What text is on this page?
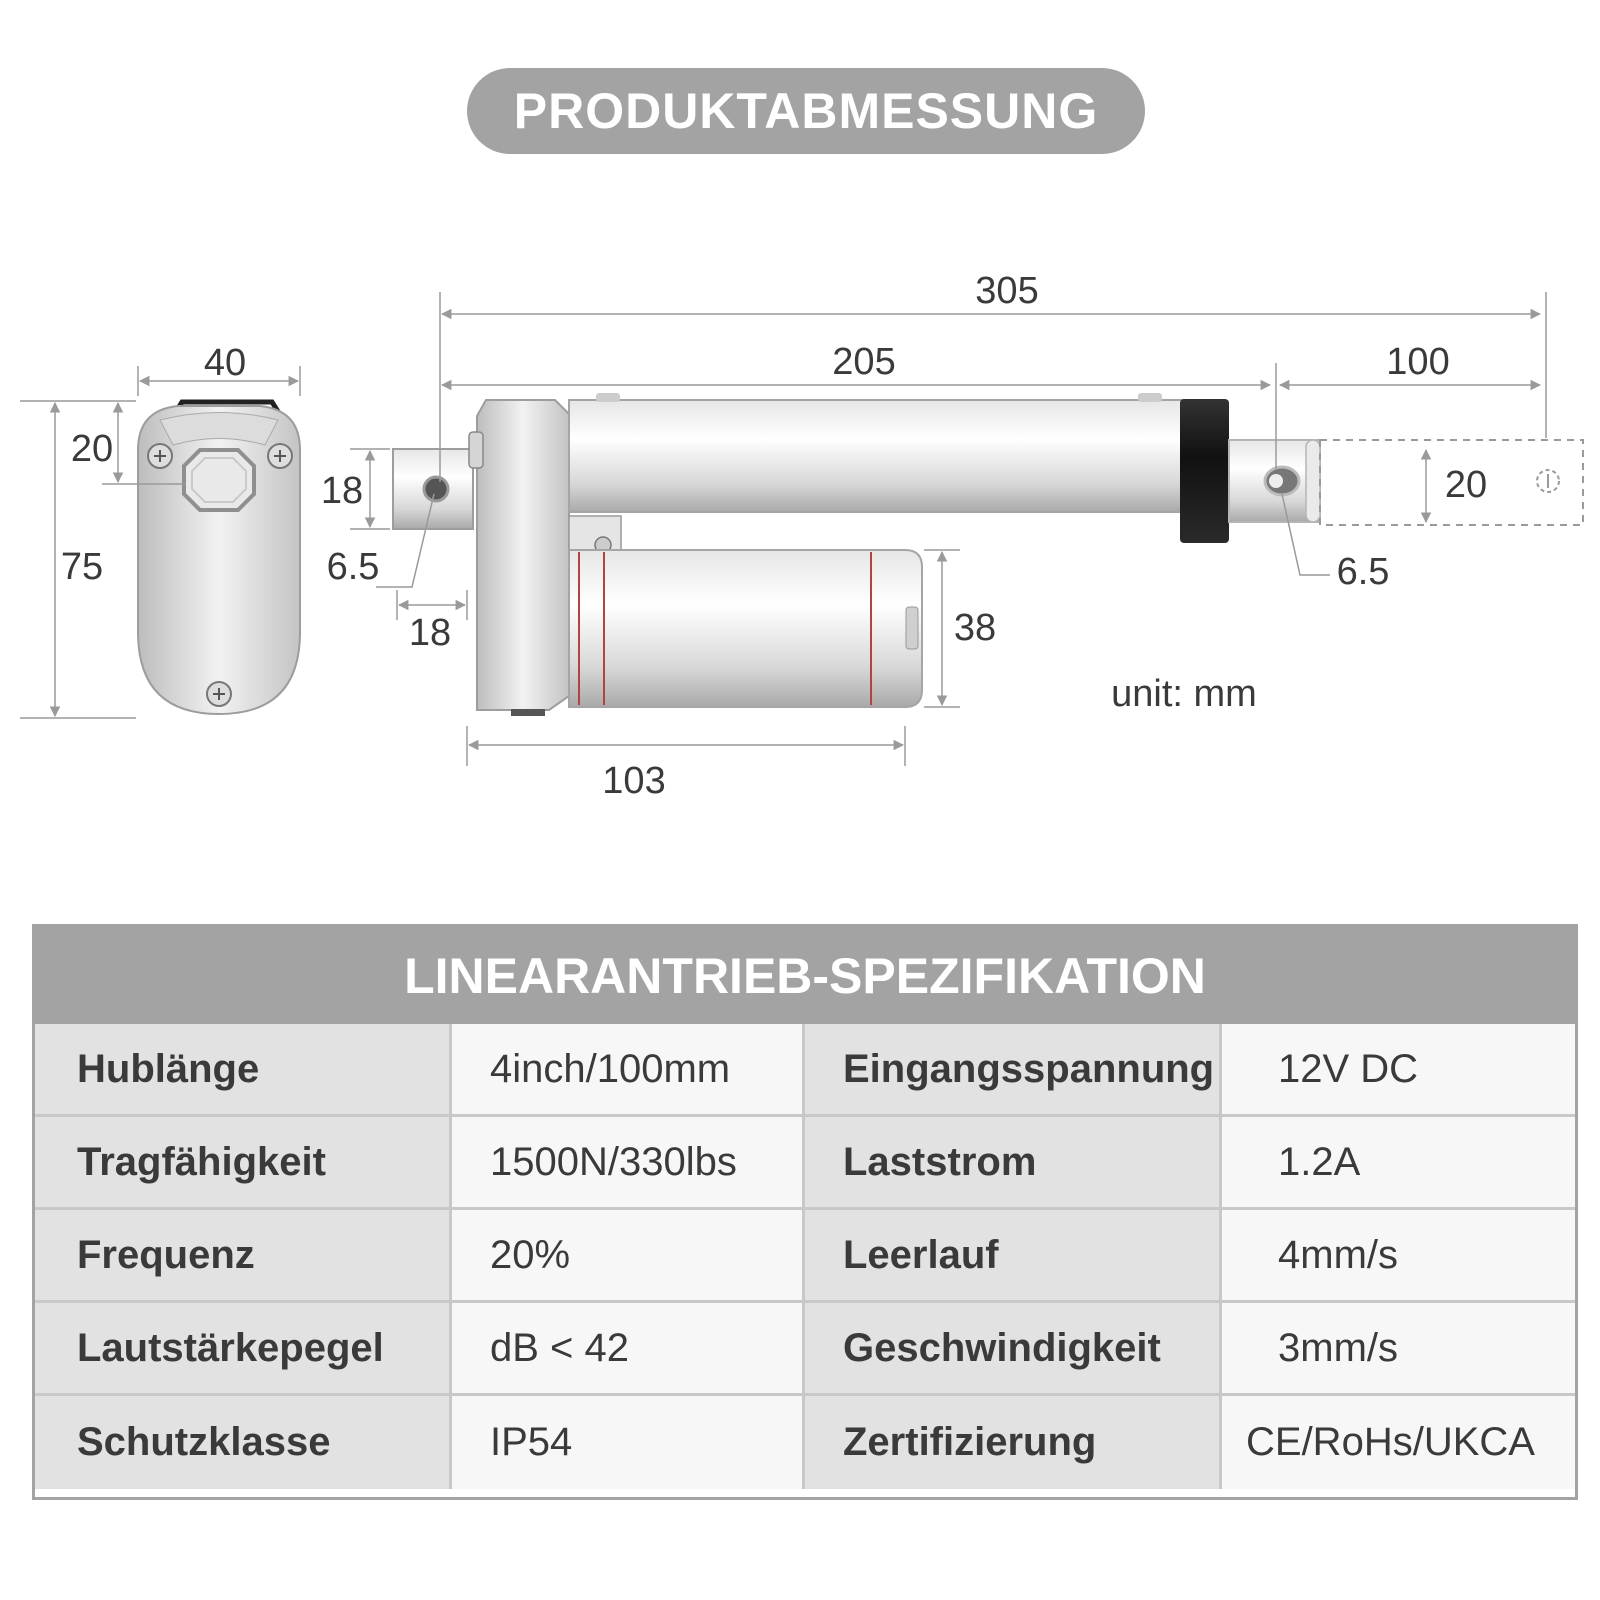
PRODUKTABMESSUNG
40
20
75
305
205	100
18
6.5
18
20
6.5
38
103
unit: mm
LINEARANTRIEB-SPEZIFIKATION
Hublänge	4inch/100mm	Eingangsspannung	12V DC
Tragfähigkeit	1500N/330lbs	Laststrom	1.2A
Frequenz	20%	Leerlauf	4mm/s
Lautstärkepegel	dB < 42	Geschwindigkeit	3mm/s
Schutzklasse	IP54	Zertifizierung	CE/RoHs/UKCA
